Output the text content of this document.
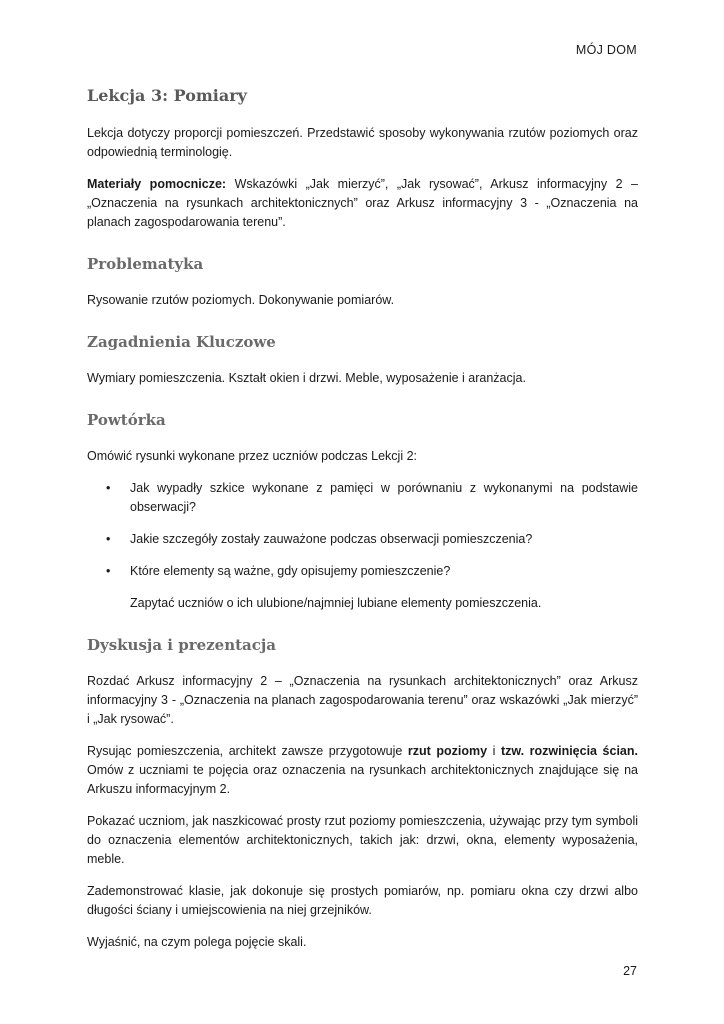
MÓJ DOM
Lekcja 3: Pomiary

Lekcja dotyczy proporcji pomieszczeń. Przedstawić sposoby wykonywania rzutów poziomych oraz odpowiednią terminologię.

Materiały pomocnicze: Wskazówki „Jak mierzyć”, „Jak rysować”, Arkusz informacyjny 2 – „Oznaczenia na rysunkach architektonicznych” oraz Arkusz informacyjny 3 - „Oznaczenia na planach zagospodarowania terenu”.

Problematyka

Rysowanie rzutów poziomych. Dokonywanie pomiarów.

Zagadnienia Kluczowe

Wymiary pomieszczenia. Kształt okien i drzwi. Meble, wyposażenie i aranżacja.

Powtórka

Omówić rysunki wykonane przez uczniów podczas Lekcji 2:

• Jak wypadły szkice wykonane z pamięci w porównaniu z wykonanymi na podstawie obserwacji?
• Jakie szczegóły zostały zauważone podczas obserwacji pomieszczenia?
• Które elementy są ważne, gdy opisujemy pomieszczenie?

Zapytać uczniów o ich ulubione/najmniej lubiane elementy pomieszczenia.

Dyskusja i prezentacja

Rozdać Arkusz informacyjny 2 – „Oznaczenia na rysunkach architektonicznych” oraz Arkusz informacyjny 3 - „Oznaczenia na planach zagospodarowania terenu” oraz wskazówki „Jak mierzyć” i „Jak rysować”.

Rysując pomieszczenia, architekt zawsze przygotowuje rzut poziomy i tzw. rozwinięcia ścian. Omów z uczniami te pojęcia oraz oznaczenia na rysunkach architektonicznych znajdujące się na Arkuszu informacyjnym 2.

Pokazać uczniom, jak naszkicować prosty rzut poziomy pomieszczenia, używając przy tym symboli do oznaczenia elementów architektonicznych, takich jak: drzwi, okna, elementy wyposażenia, meble.

Zademonstrować klasie, jak dokonuje się prostych pomiarów, np. pomiaru okna czy drzwi albo długości ściany i umiejscowienia na niej grzejników.

Wyjaśnić, na czym polega pojęcie skali.

27
